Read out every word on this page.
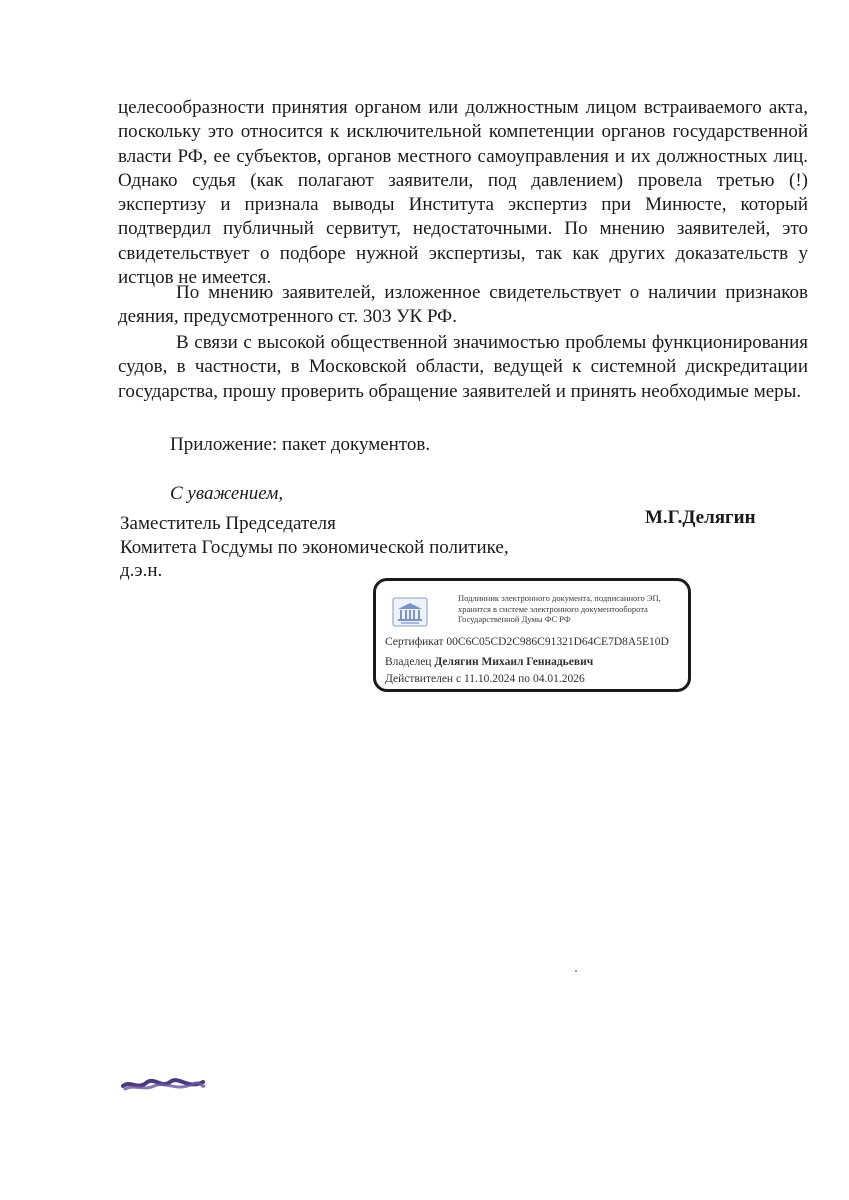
целесообразности принятия органом или должностным лицом встраиваемого акта, поскольку это относится к исключительной компетенции органов государственной власти РФ, ее субъектов, органов местного самоуправления и их должностных лиц. Однако судья (как полагают заявители, под давлением) провела третью (!) экспертизу и признала выводы Института экспертиз при Минюсте, который подтвердил публичный сервитут, недостаточными. По мнению заявителей, это свидетельствует о подборе нужной экспертизы, так как других доказательств у истцов не имеется.

По мнению заявителей, изложенное свидетельствует о наличии признаков деяния, предусмотренного ст. 303 УК РФ.

В связи с высокой общественной значимостью проблемы функционирования судов, в частности, в Московской области, ведущей к системной дискредитации государства, прошу проверить обращение заявителей и принять необходимые меры.

Приложение: пакет документов.

С уважением,

Заместитель Председателя
Комитета Госдумы по экономической политике,
д.э.н.

М.Г.Делягин

Подлинник электронного документа, подписанного ЭП, хранится в системе электронного документооборота Государственной Думы ФС РФ
Сертификат 00C6C05CD2C986C91321D64CE7D8A5E10D
Владелец Делягин Михаил Геннадьевич
Действителен с 11.10.2024 по 04.01.2026
